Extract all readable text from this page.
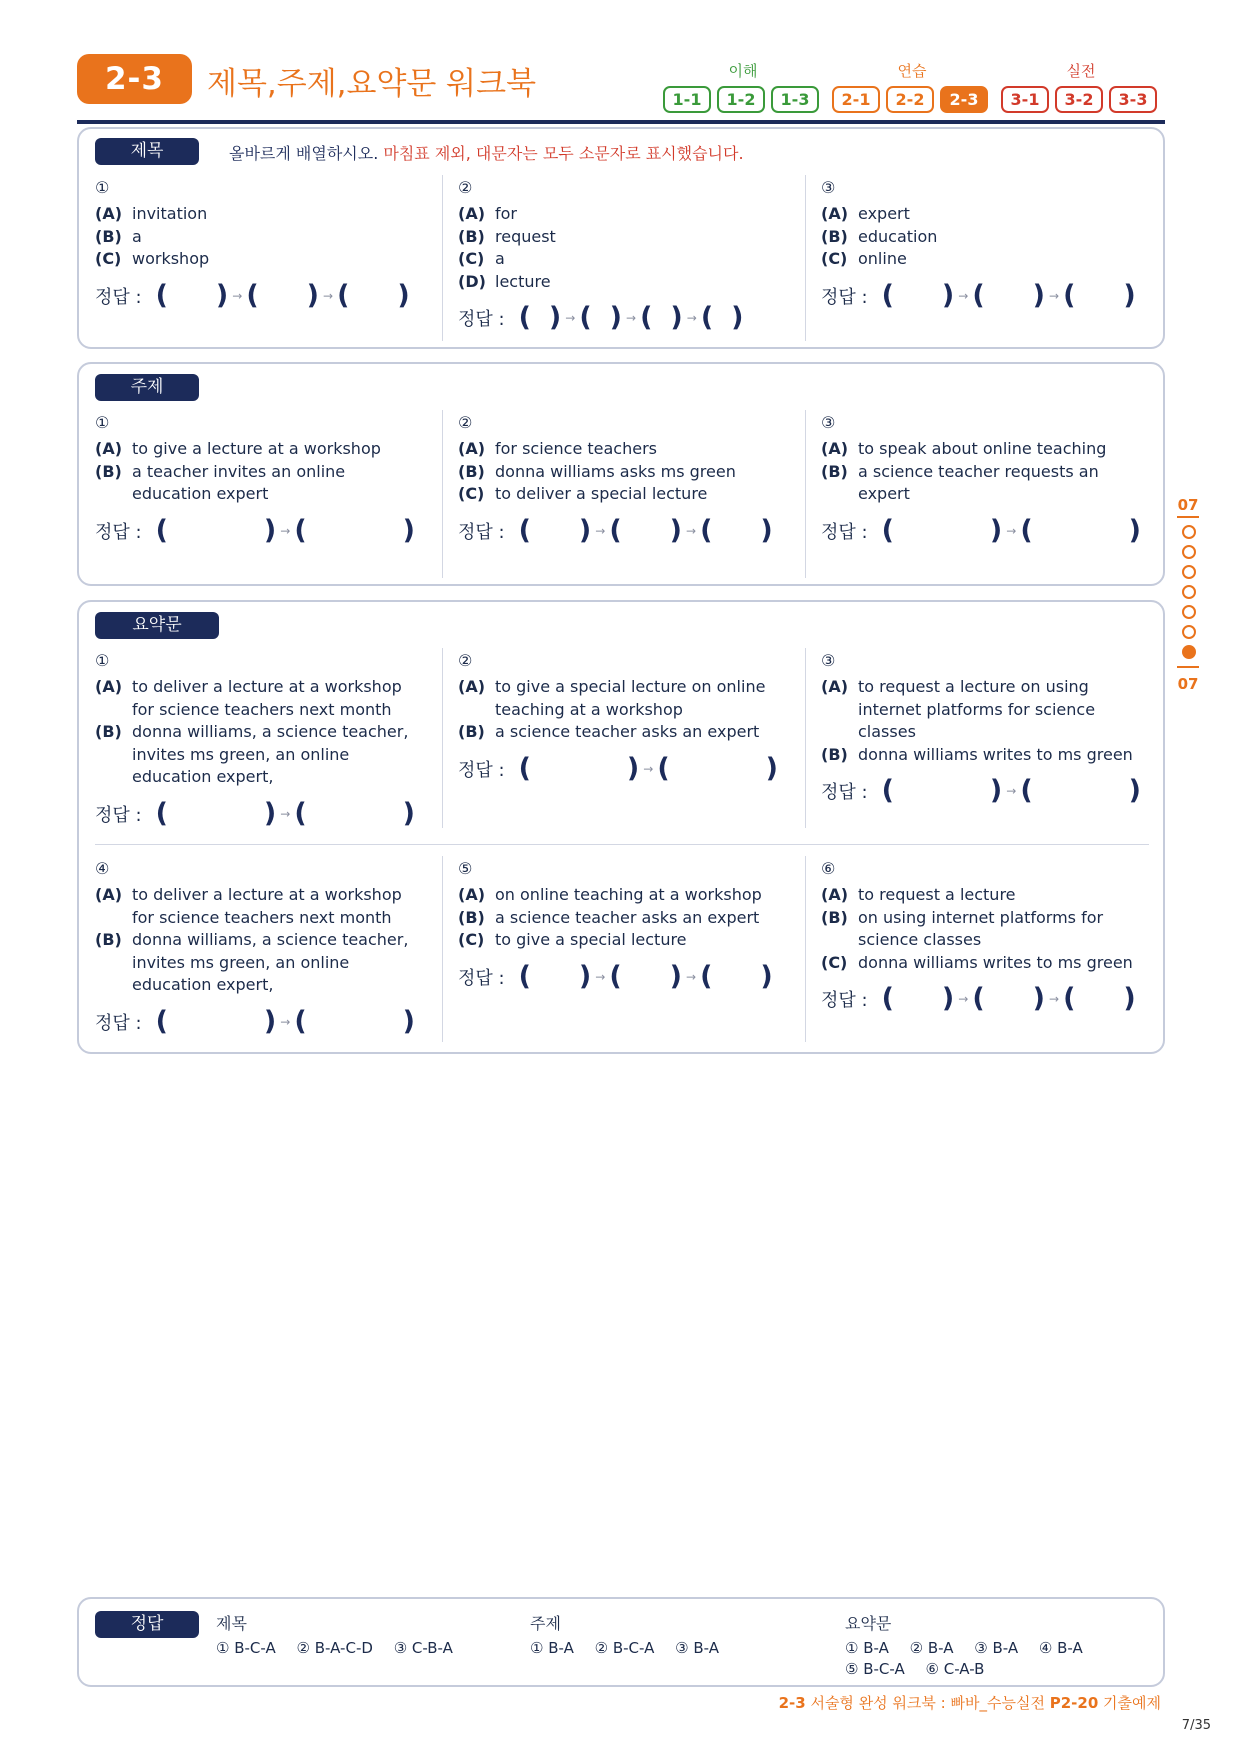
2-3	제목,주제,요약문 워크북	이해	연습	실전
1-1	1-2	1-3	2-1	2-2	2-3	3-1	3-2	3-3
제목	올바르게 배열하시오. 마침표 제외, 대문자는 모두 소문자로 표시했습니다.
①
(A) invitation
(B) a
(C) workshop
정답 : ( ) → ( ) → ( )
②
(A) for
(B) request
(C) a
(D) lecture
정답 : ( ) → ( ) → ( ) → ( )
③
(A) expert
(B) education
(C) online
정답 : ( ) → ( ) → ( )
주제
①
(A) to give a lecture at a workshop
(B) a teacher invites an online education expert
정답 : (	) → (	)
②
(A) for science teachers
(B) donna williams asks ms green
(C) to deliver a special lecture
정답 : ( ) → ( ) → ( )
③
(A) to speak about online teaching
(B) a science teacher requests an expert
정답 : (	) → (	)
요약문
①
(A) to deliver a lecture at a workshop for science teachers next month
(B) donna williams, a science teacher, invites ms green, an online education expert,
정답 : (	) → (	)
②
(A) to give a special lecture on online teaching at a workshop
(B) a science teacher asks an expert
정답 : (	) → (	)
③
(A) to request a lecture on using internet platforms for science classes
(B) donna williams writes to ms green
정답 : (	) → (	)
④
(A) to deliver a lecture at a workshop for science teachers next month
(B) donna williams, a science teacher, invites ms green, an online education expert,
정답 : (	) → (	)
⑤
(A) on online teaching at a workshop
(B) a science teacher asks an expert
(C) to give a special lecture
정답 : ( ) → ( ) → ( )
⑥
(A) to request a lecture
(B) on using internet platforms for science classes
(C) donna williams writes to ms green
정답 : ( ) → ( ) → ( )
07
07
정답	제목
① B-C-A ② B-A-C-D ③ C-B-A
주제
① B-A ② B-C-A ③ B-A
요약문
① B-A ② B-A ③ B-A ④ B-A
⑤ B-C-A ⑥ C-A-B
2-3 서술형 완성 워크북 : 빠바_수능실전 P2-20 기출예제
7/35
